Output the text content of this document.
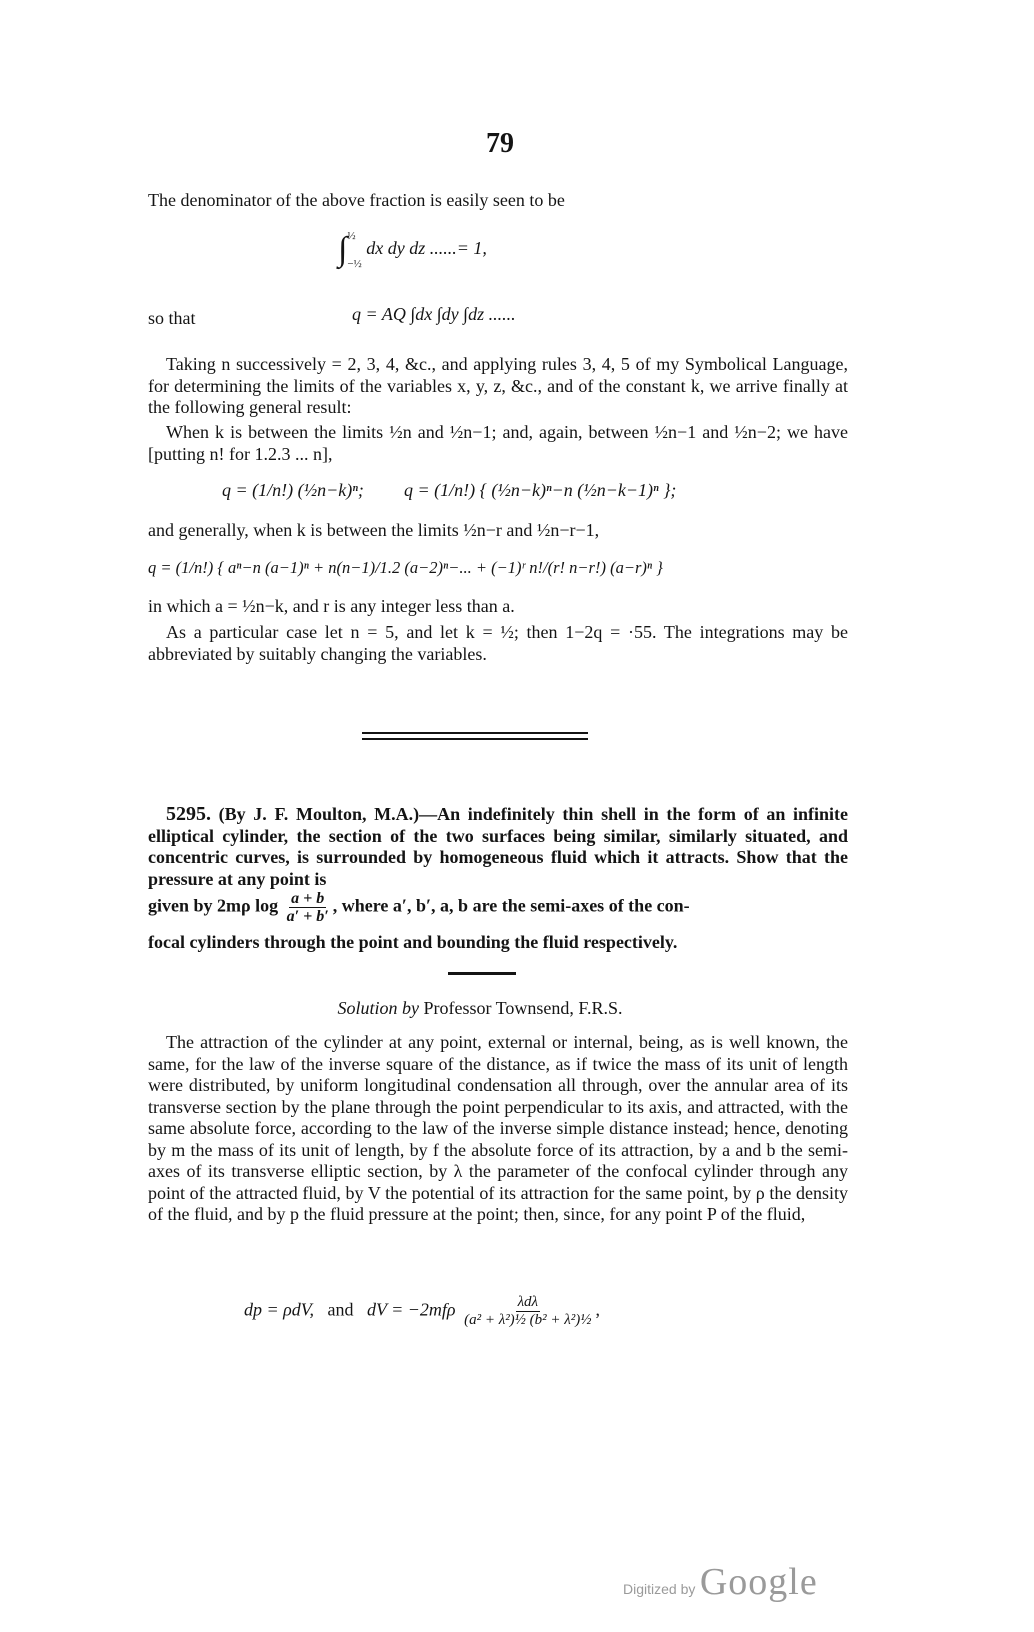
79

The denominator of the above fraction is easily seen to be

∫ ½
−½
dx dy dz ......= 1,

so that	q = AQ ∫dx ∫dy ∫dz ......

Taking n successively = 2, 3, 4, &c., and applying rules 3, 4, 5 of my Symbolical Language, for determining the limits of the variables x, y, z, &c., and of the constant k, we arrive finally at the following general result:

When k is between the limits ½n and ½n−1; and, again, between ½n−1 and ½n−2; we have [putting n! for 1.2.3 ... n],

q = (1/n!) (½n−k)ⁿ; q = (1/n!) { (½n−k)ⁿ−n (½n−k−1)ⁿ };

and generally, when k is between the limits ½n−r and ½n−r−1,

q = (1/n!) { aⁿ−n (a−1)ⁿ + n(n−1)/1.2 (a−2)ⁿ−... + (−1)ʳ n!/(r! n−r!) (a−r)ⁿ }

in which a = ½n−k, and r is any integer less than a.

As a particular case let n = 5, and let k = ½; then 1−2q = ·55. The integrations may be abbreviated by suitably changing the variables.

5295. (By J. F. Moulton, M.A.)—An indefinitely thin shell in the form of an infinite elliptical cylinder, the section of the two surfaces being similar, similarly situated, and concentric curves, is surrounded by homogeneous fluid which it attracts. Show that the pressure at any point is

given by 2mρ $\log \frac{a + b}{a' + b'}$ , where a′, b′, a, b are the semi-axes of the con-

focal cylinders through the point and bounding the fluid respectively.

Solution by Professor Townsend, F.R.S.

The attraction of the cylinder at any point, external or internal, being, as is well known, the same, for the law of the inverse square of the distance, as if twice the mass of its unit of length were distributed, by uniform longitudinal condensation all through, over the annular area of its transverse section by the plane through the point perpendicular to its axis, and attracted, with the same absolute force, according to the law of the inverse simple distance instead; hence, denoting by m the mass of its unit of length, by f the absolute force of its attraction, by a and b the semi-axes of its transverse elliptic section, by λ the parameter of the confocal cylinder through any point of the attracted fluid, by V the potential of its attraction for the same point, by ρ the density of the fluid, and by p the fluid pressure at the point; then, since, for any point P of the fluid,

dp = ρdV, and dV = $-2mf\rho \frac{\text{λdλ}}{\text{(a² + λ²)½ (b² + λ²)½}}$ ,
Digitized by Google
